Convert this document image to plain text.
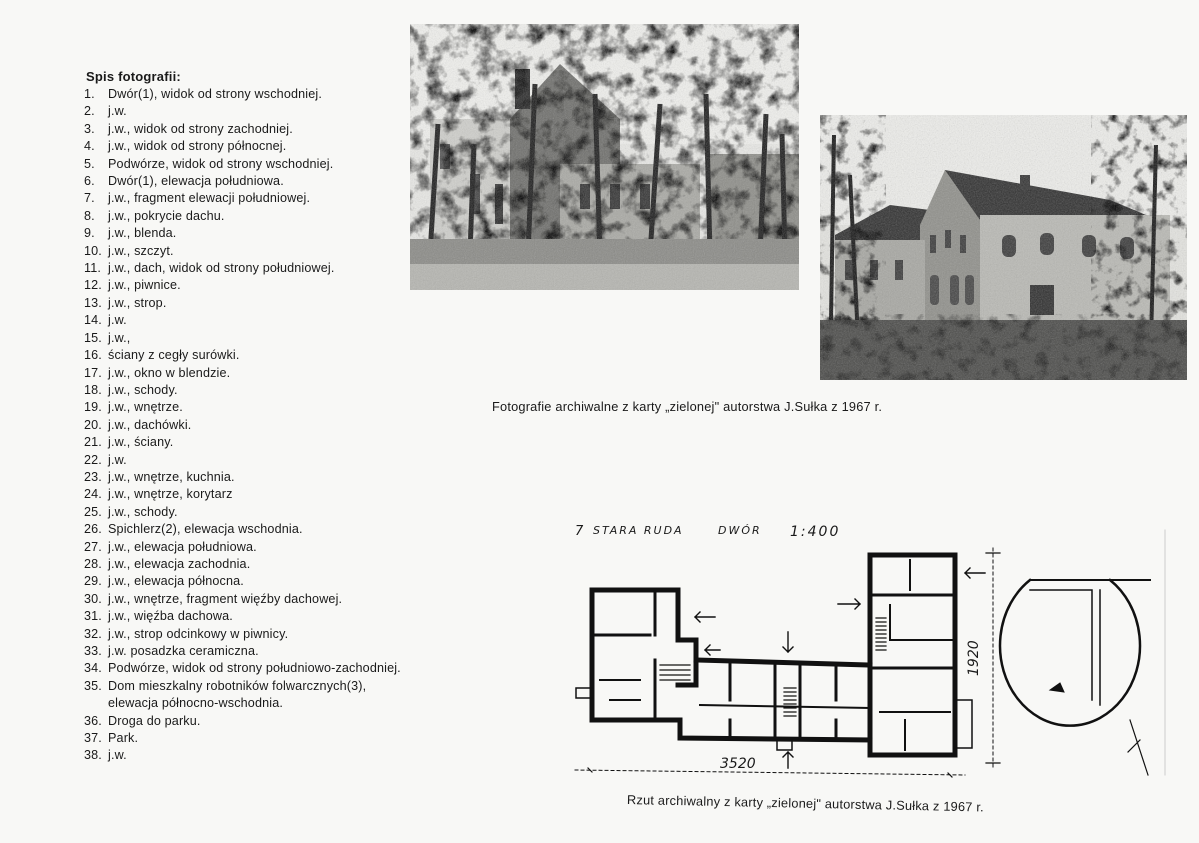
Spis fotografii:
1.	Dwór(1), widok od strony wschodniej.
2.	j.w.
3.	j.w., widok od strony zachodniej.
4.	j.w., widok od strony północnej.
5.	Podwórze, widok od strony wschodniej.
6.	Dwór(1), elewacja południowa.
7.	j.w., fragment elewacji południowej.
8.	j.w., pokrycie dachu.
9.	j.w., blenda.
10. j.w., szczyt.
11. j.w., dach, widok od strony południowej.
12. j.w., piwnice.
13. j.w., strop.
14. j.w.
15. j.w.,
16. ściany z cegły surówki.
17. j.w., okno w blendzie.
18. j.w., schody.
19. j.w., wnętrze.
20. j.w., dachówki.
21. j.w., ściany.
22. j.w.
23. j.w., wnętrze, kuchnia.
24. j.w., wnętrze, korytarz
25. j.w., schody.
26. Spichlerz(2), elewacja wschodnia.
27. j.w., elewacja południowa.
28. j.w., elewacja zachodnia.
29. j.w., elewacja północna.
30. j.w., wnętrze, fragment więźby dachowej.
31. j.w., więźba dachowa.
32. j.w., strop odcinkowy w piwnicy.
33. j.w. posadzka ceramiczna.
34. Podwórze, widok od strony południowo-zachodniej.
35. Dom mieszkalny robotników folwarcznych(3),
elewacja północno-wschodnia.
36. Droga do parku.
37. Park.
38. j.w.
Fotografie archiwalne z karty „zielonej" autorstwa J.Sułka z 1967 r.
7 STARA RUDA	DWÓR 1:400
3520
1920
Rzut archiwalny z karty „zielonej" autorstwa J.Sułka z 1967 r.
